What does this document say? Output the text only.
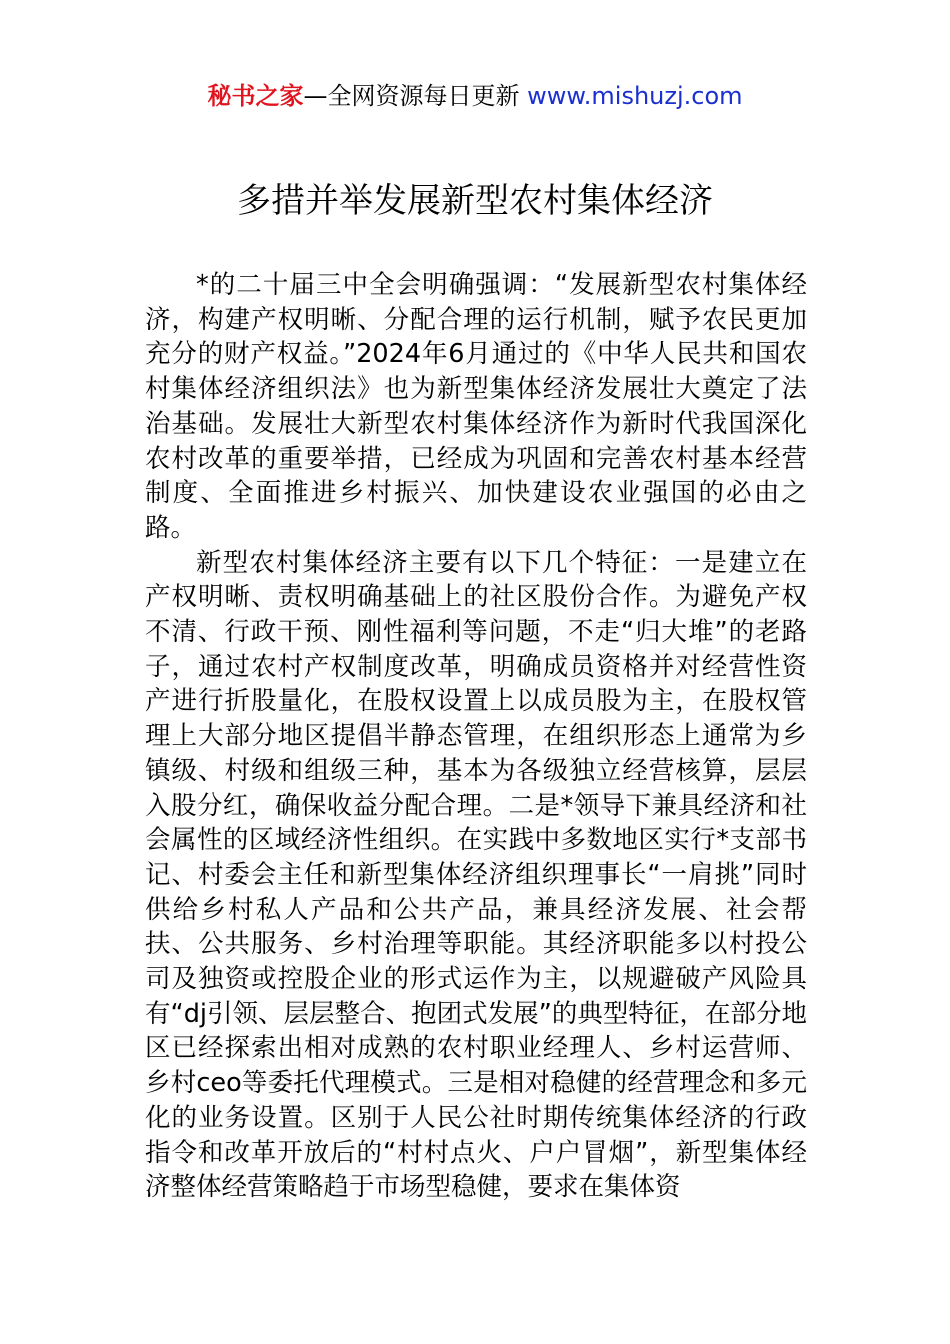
秘书之家—全网资源每日更新 www.mishuzj.com
多措并举发展新型农村集体经济

*的二十届三中全会明确强调：“发展新型农村集体经济，构建产权明晰、分配合理的运行机制，赋予农民更加充分的财产权益。”2024年6月通过的《中华人民共和国农村集体经济组织法》也为新型集体经济发展壮大奠定了法治基础。发展壮大新型农村集体经济作为新时代我国深化农村改革的重要举措，已经成为巩固和完善农村基本经营制度、全面推进乡村振兴、加快建设农业强国的必由之路。

新型农村集体经济主要有以下几个特征：一是建立在产权明晰、责权明确基础上的社区股份合作。为避免产权不清、行政干预、刚性福利等问题，不走“归大堆”的老路子，通过农村产权制度改革，明确成员资格并对经营性资产进行折股量化，在股权设置上以成员股为主，在股权管理上大部分地区提倡半静态管理，在组织形态上通常为乡镇级、村级和组级三种，基本为各级独立经营核算，层层入股分红，确保收益分配合理。二是*领导下兼具经济和社会属性的区域经济性组织。在实践中多数地区实行*支部书记、村委会主任和新型集体经济组织理事长“一肩挑”同时供给乡村私人产品和公共产品，兼具经济发展、社会帮扶、公共服务、乡村治理等职能。其经济职能多以村投公司及独资或控股企业的形式运作为主，以规避破产风险具有“dj引领、层层整合、抱团式发展”的典型特征，在部分地区已经探索出相对成熟的农村职业经理人、乡村运营师、乡村ceo等委托代理模式。三是相对稳健的经营理念和多元化的业务设置。区别于人民公社时期传统集体经济的行政指令和改革开放后的“村村点火、户户冒烟”，新型集体经济整体经营策略趋于市场型稳健，要求在集体资
